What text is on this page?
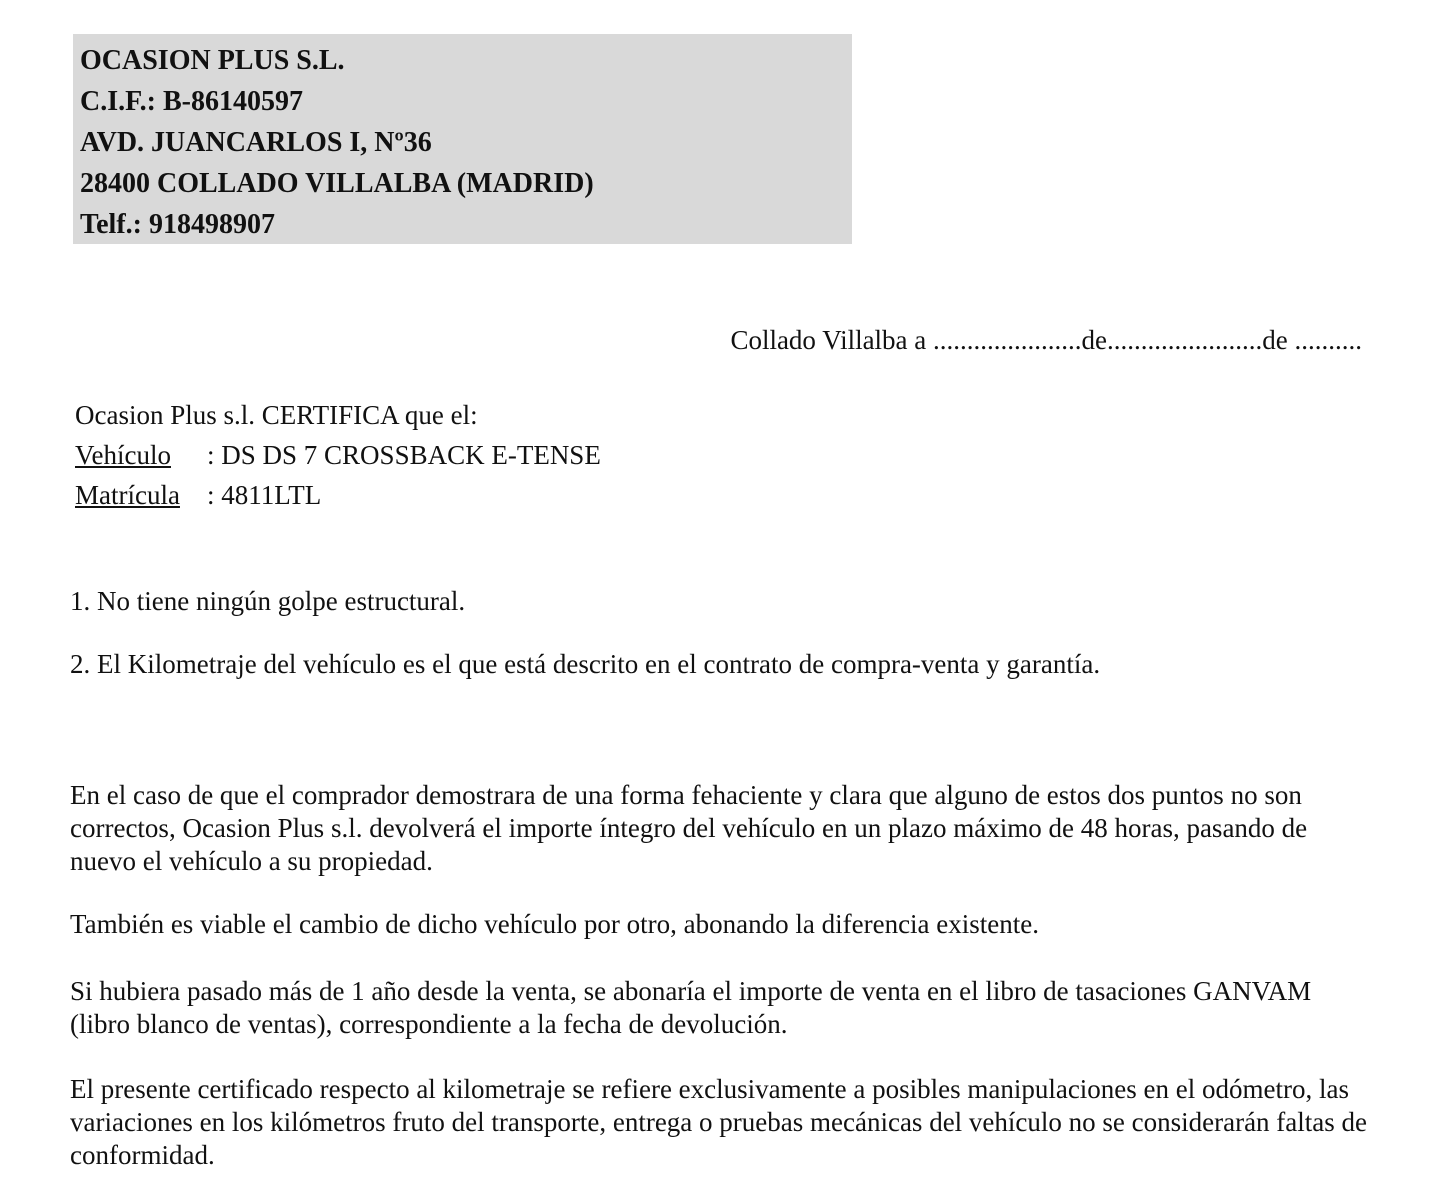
OCASION PLUS S.L.
C.I.F.: B-86140597
AVD. JUANCARLOS I, Nº36
28400 COLLADO VILLALBA (MADRID)
Telf.: 918498907
Collado Villalba a ......................de.......................de ..........
Ocasion Plus s.l. CERTIFICA que el:
Vehículo	: DS DS 7 CROSSBACK E-TENSE
Matrícula	: 4811LTL
1. No tiene ningún golpe estructural.
2. El Kilometraje del vehículo es el que está descrito en el contrato de compra-venta y garantía.
En el caso de que el comprador demostrara de una forma fehaciente y clara que alguno de estos dos puntos no son correctos, Ocasion Plus s.l. devolverá el importe íntegro del vehículo en un plazo máximo de 48 horas, pasando de nuevo el vehículo a su propiedad.
También es viable el cambio de dicho vehículo por otro, abonando la diferencia existente.
Si hubiera pasado más de 1 año desde la venta, se abonaría el importe de venta en el libro de tasaciones GANVAM (libro blanco de ventas), correspondiente a la fecha de devolución.
El presente certificado respecto al kilometraje se refiere exclusivamente a posibles manipulaciones en el odómetro, las variaciones en los kilómetros fruto del transporte, entrega o pruebas mecánicas del vehículo no se considerarán faltas de conformidad.
